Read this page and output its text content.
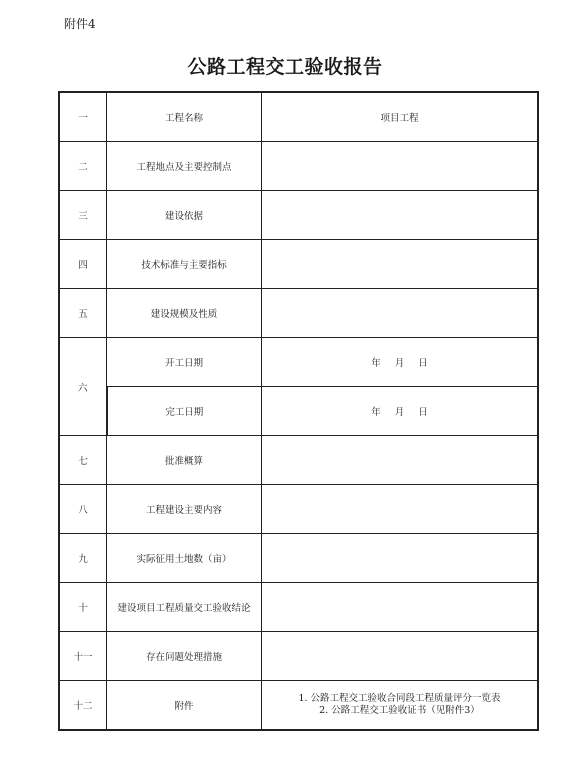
附件4
公路工程交工验收报告
一	工程名称	项目工程
二	工程地点及主要控制点	
三	建设依据	
四	技术标准与主要指标	
五	建设规模及性质	
六	开工日期	年 月 日
	完工日期	年 月 日
七	批准概算	
八	工程建设主要内容	
九	实际征用土地数（亩）	
十	建设项目工程质量交工验收结论	
十一	存在问题处理措施	
十二	附件	1. 公路工程交工验收合同段工程质量评分一览表
2. 公路工程交工验收证书（见附件3）
